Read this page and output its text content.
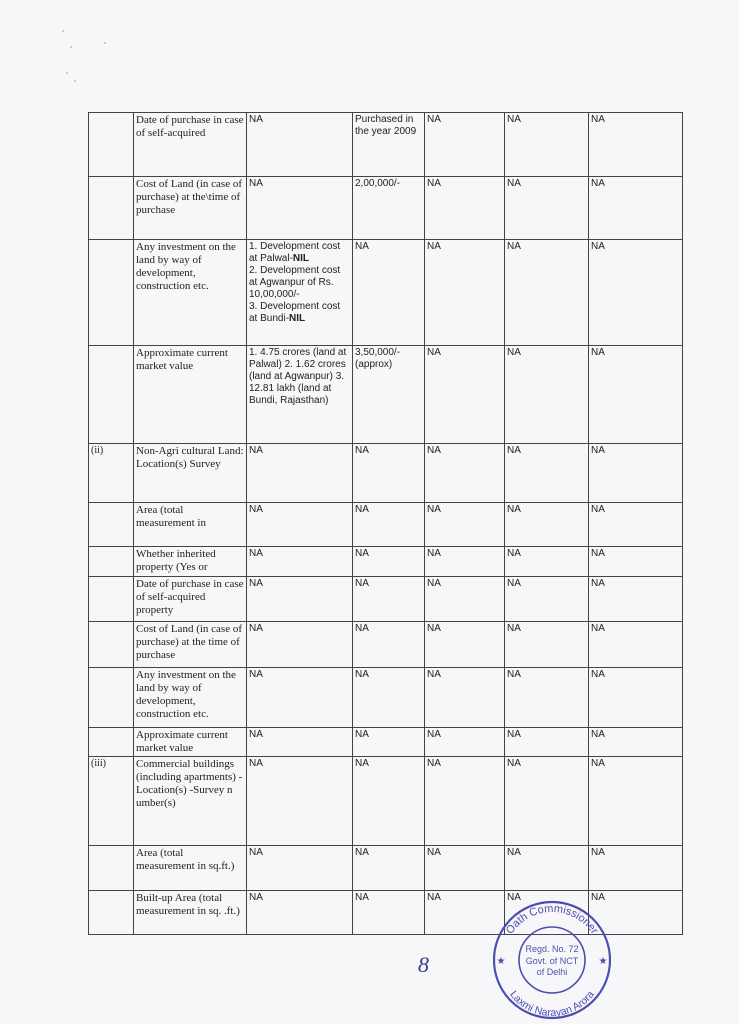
	Date of purchase in case of self-acquired	NA	Purchased in the year 2009	NA	NA	NA
	Cost of Land (in case of purchase) at the\time of purchase	NA	2,00,000/-	NA	NA	NA
	Any investment on the land by way of development, construction etc.	1. Development cost at Palwal-NIL
2. Development cost at Agwanpur of Rs. 10,00,000/-
3. Development cost at Bundi-NIL	NA	NA	NA	NA
	Approximate current market value	1. 4.75 crores (land at Palwal) 2. 1.62 crores (land at Agwanpur) 3. 12.81 lakh (land at Bundi, Rajasthan)	3,50,000/- (approx)	NA	NA	NA
(ii)	Non-Agri cultural Land: Location(s) Survey	NA	NA	NA	NA	NA
	Area (total measurement in	NA	NA	NA	NA	NA
	Whether inherited property (Yes or	NA	NA	NA	NA	NA
	Date of purchase in case of self-acquired property	NA	NA	NA	NA	NA
	Cost of Land (in case of purchase) at the time of purchase	NA	NA	NA	NA	NA
	Any investment on the land by way of development, construction etc.	NA	NA	NA	NA	NA
	Approximate current market value	NA	NA	NA	NA	NA
(iii)	Commercial buildings (including apartments) -Location(s) -Survey n umber(s)	NA	NA	NA	NA	NA
	Area (total measurement in sq.ft.)	NA	NA	NA	NA	NA
	Built-up Area (total measurement in sq. .ft.)	NA	NA	NA	NA	NA
8
Oath Commissioner
Laxmi Narayan Arora
★	★
Regd. No. 72
Govt. of NCT
of Delhi
